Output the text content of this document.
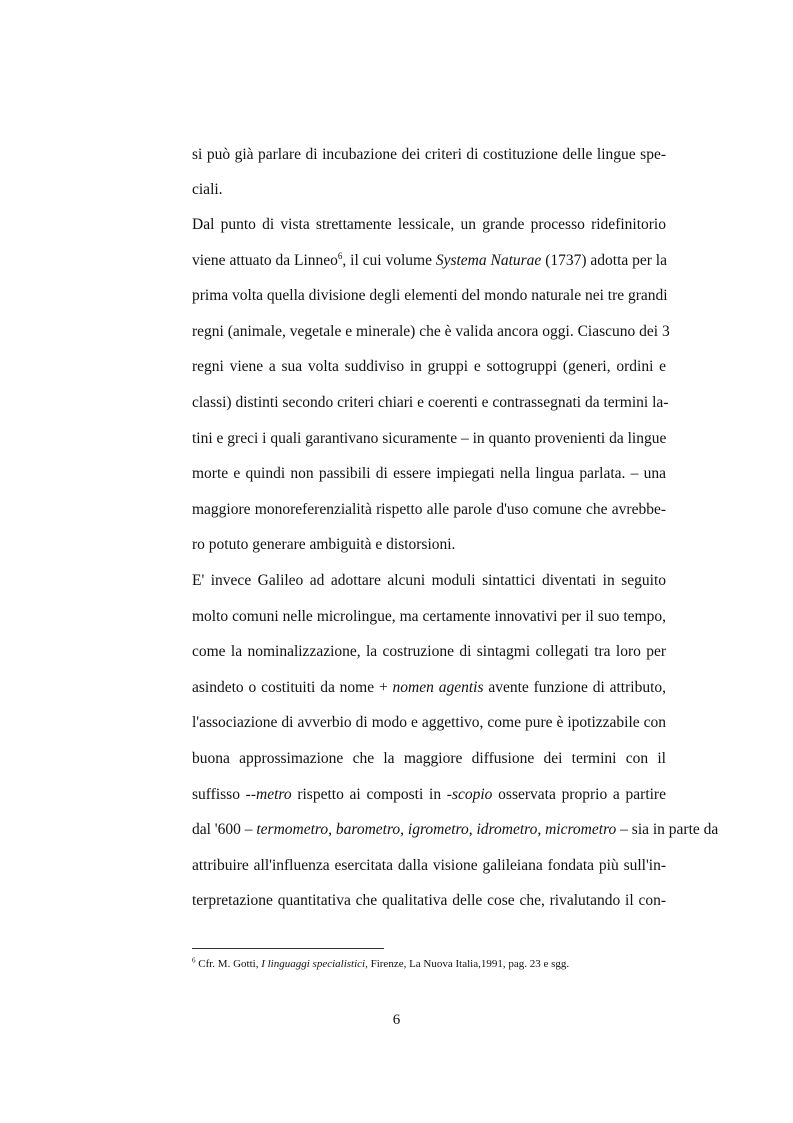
si può già parlare di incubazione dei criteri di costituzione delle lingue spe-
ciali.
Dal punto di vista strettamente lessicale, un grande processo ridefinitorio
viene attuato da Linneo$^6$, il cui volume Systema Naturae (1737) adotta per la
prima volta quella divisione degli elementi del mondo naturale nei tre grandi
regni (animale, vegetale e minerale) che è valida ancora oggi. Ciascuno dei 3
regni viene a sua volta suddiviso in gruppi e sottogruppi (generi, ordini e
classi) distinti secondo criteri chiari e coerenti e contrassegnati da termini la-
tini e greci i quali garantivano sicuramente – in quanto provenienti da lingue
morte e quindi non passibili di essere impiegati nella lingua parlata. – una
maggiore monoreferenzialità rispetto alle parole d'uso comune che avrebbe-
ro potuto generare ambiguità e distorsioni.
E' invece Galileo ad adottare alcuni moduli sintattici diventati in seguito
molto comuni nelle microlingue, ma certamente innovativi per il suo tempo,
come la nominalizzazione, la costruzione di sintagmi collegati tra loro per
asindeto o costituiti da nome + nomen agentis avente funzione di attributo,
l'associazione di avverbio di modo e aggettivo, come pure è ipotizzabile con
buona approssimazione che la maggiore diffusione dei termini con il
suffisso --metro rispetto ai composti in -scopio osservata proprio a partire
dal '600 – termometro, barometro, igrometro, idrometro, micrometro – sia in parte da
attribuire all'influenza esercitata dalla visione galileiana fondata più sull'in-
terpretazione quantitativa che qualitativa delle cose che, rivalutando il con-
$^6$ Cfr. M. Gotti, I linguaggi specialistici, Firenze, La Nuova Italia,1991, pag. 23 e sgg.
6
